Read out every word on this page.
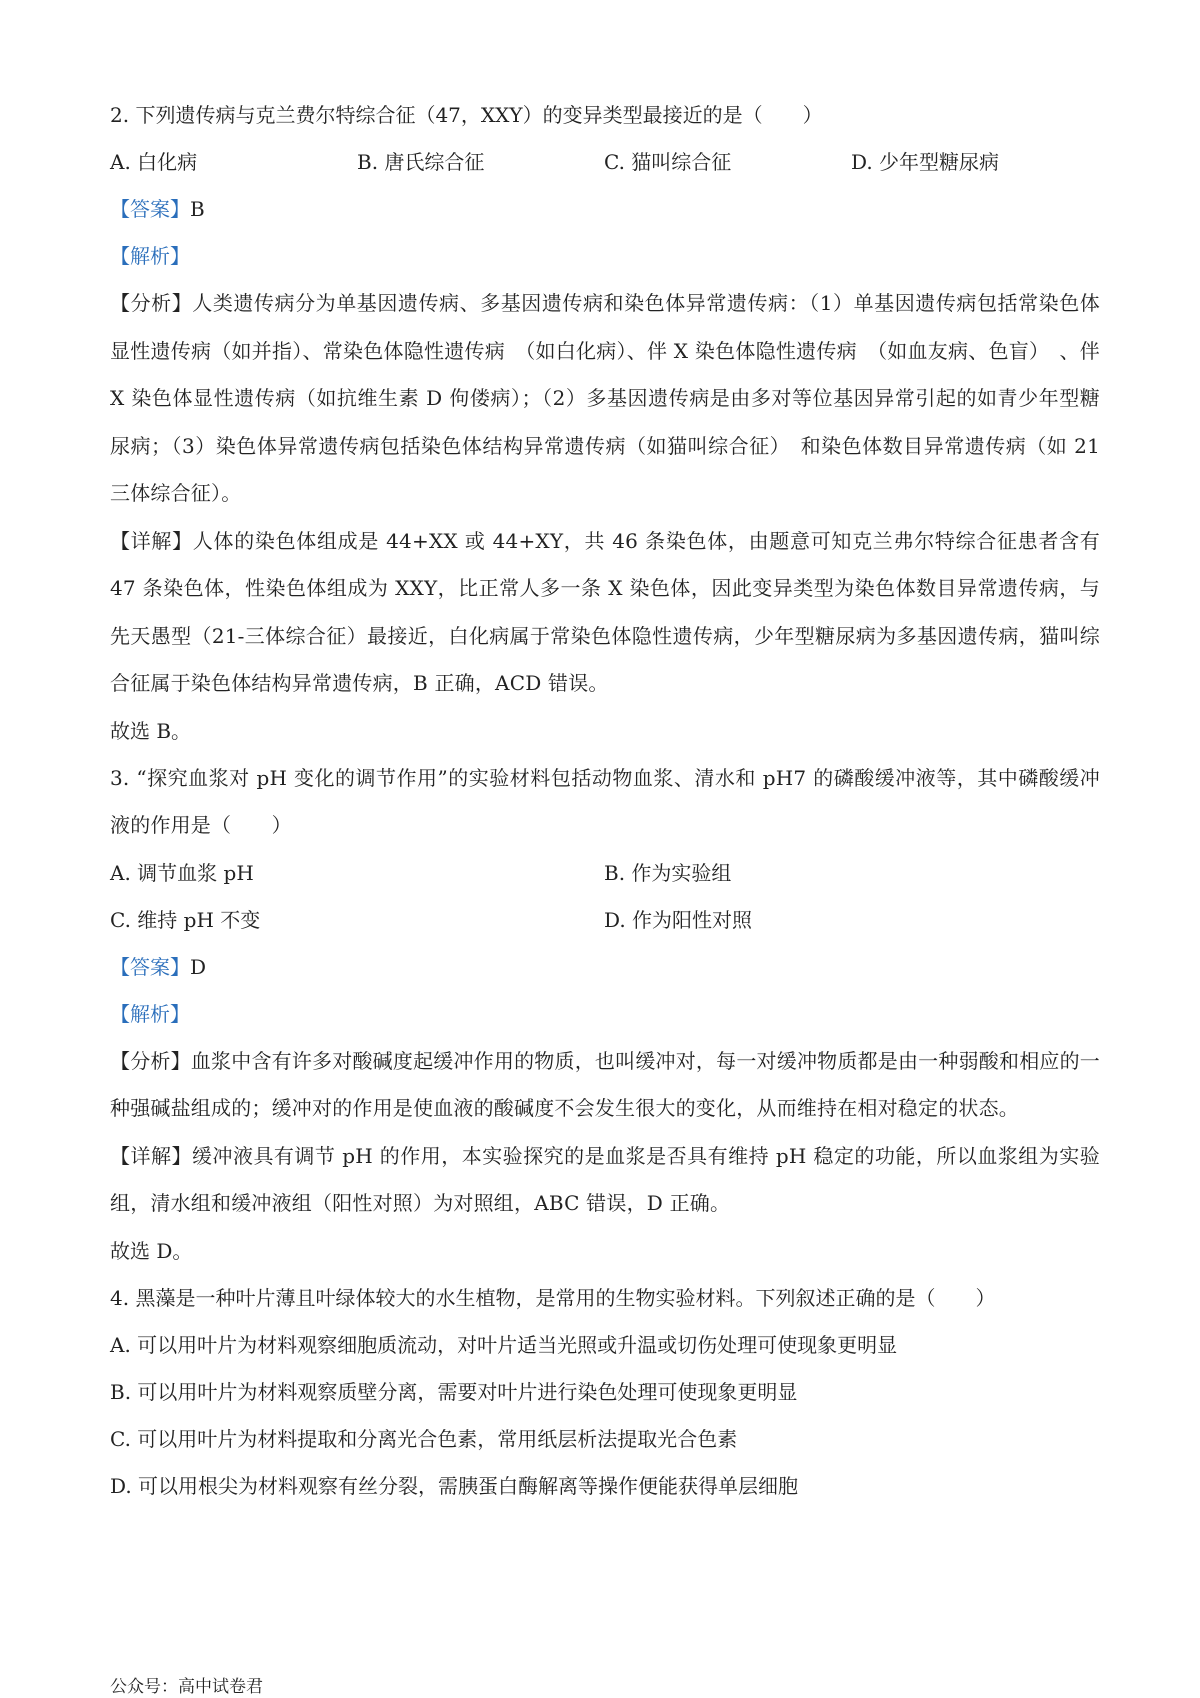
2. 下列遗传病与克兰费尔特综合征（47，XXY）的变异类型最接近的是（　　）

A. 白化病	B. 唐氏综合征	C. 猫叫综合征	D. 少年型糖尿病

【答案】B

【解析】

【分析】人类遗传病分为单基因遗传病、多基因遗传病和染色体异常遗传病：（1）单基因遗传病包括常染色体显性遗传病（如并指）、常染色体隐性遗传病　（如白化病）、伴 X 染色体隐性遗传病　（如血友病、色盲）　、伴 X 染色体显性遗传病（如抗维生素 D 佝偻病）；（2）多基因遗传病是由多对等位基因异常引起的如青少年型糖尿病；（3）染色体异常遗传病包括染色体结构异常遗传病（如猫叫综合征）　和染色体数目异常遗传病（如 21 三体综合征）。

【详解】人体的染色体组成是 44+XX 或 44+XY，共 46 条染色体，由题意可知克兰弗尔特综合征患者含有 47 条染色体，性染色体组成为 XXY，比正常人多一条 X 染色体，因此变异类型为染色体数目异常遗传病，与先天愚型（21-三体综合征）最接近，白化病属于常染色体隐性遗传病，少年型糖尿病为多基因遗传病，猫叫综合征属于染色体结构异常遗传病，B 正确，ACD 错误。

故选 B。

3. “探究血浆对 pH 变化的调节作用”的实验材料包括动物血浆、清水和 pH7 的磷酸缓冲液等，其中磷酸缓冲液的作用是（　　）

A. 调节血浆 pH	B. 作为实验组
C. 维持 pH 不变	D. 作为阳性对照

【答案】D

【解析】

【分析】血浆中含有许多对酸碱度起缓冲作用的物质，也叫缓冲对，每一对缓冲物质都是由一种弱酸和相应的一种强碱盐组成的；缓冲对的作用是使血液的酸碱度不会发生很大的变化，从而维持在相对稳定的状态。

【详解】缓冲液具有调节 pH 的作用，本实验探究的是血浆是否具有维持 pH 稳定的功能，所以血浆组为实验组，清水组和缓冲液组（阳性对照）为对照组，ABC 错误，D 正确。

故选 D。

4. 黑藻是一种叶片薄且叶绿体较大的水生植物，是常用的生物实验材料。下列叙述正确的是（　　）

A. 可以用叶片为材料观察细胞质流动，对叶片适当光照或升温或切伤处理可使现象更明显

B. 可以用叶片为材料观察质壁分离，需要对叶片进行染色处理可使现象更明显

C. 可以用叶片为材料提取和分离光合色素，常用纸层析法提取光合色素

D. 可以用根尖为材料观察有丝分裂，需胰蛋白酶解离等操作便能获得单层细胞

公众号：高中试卷君
